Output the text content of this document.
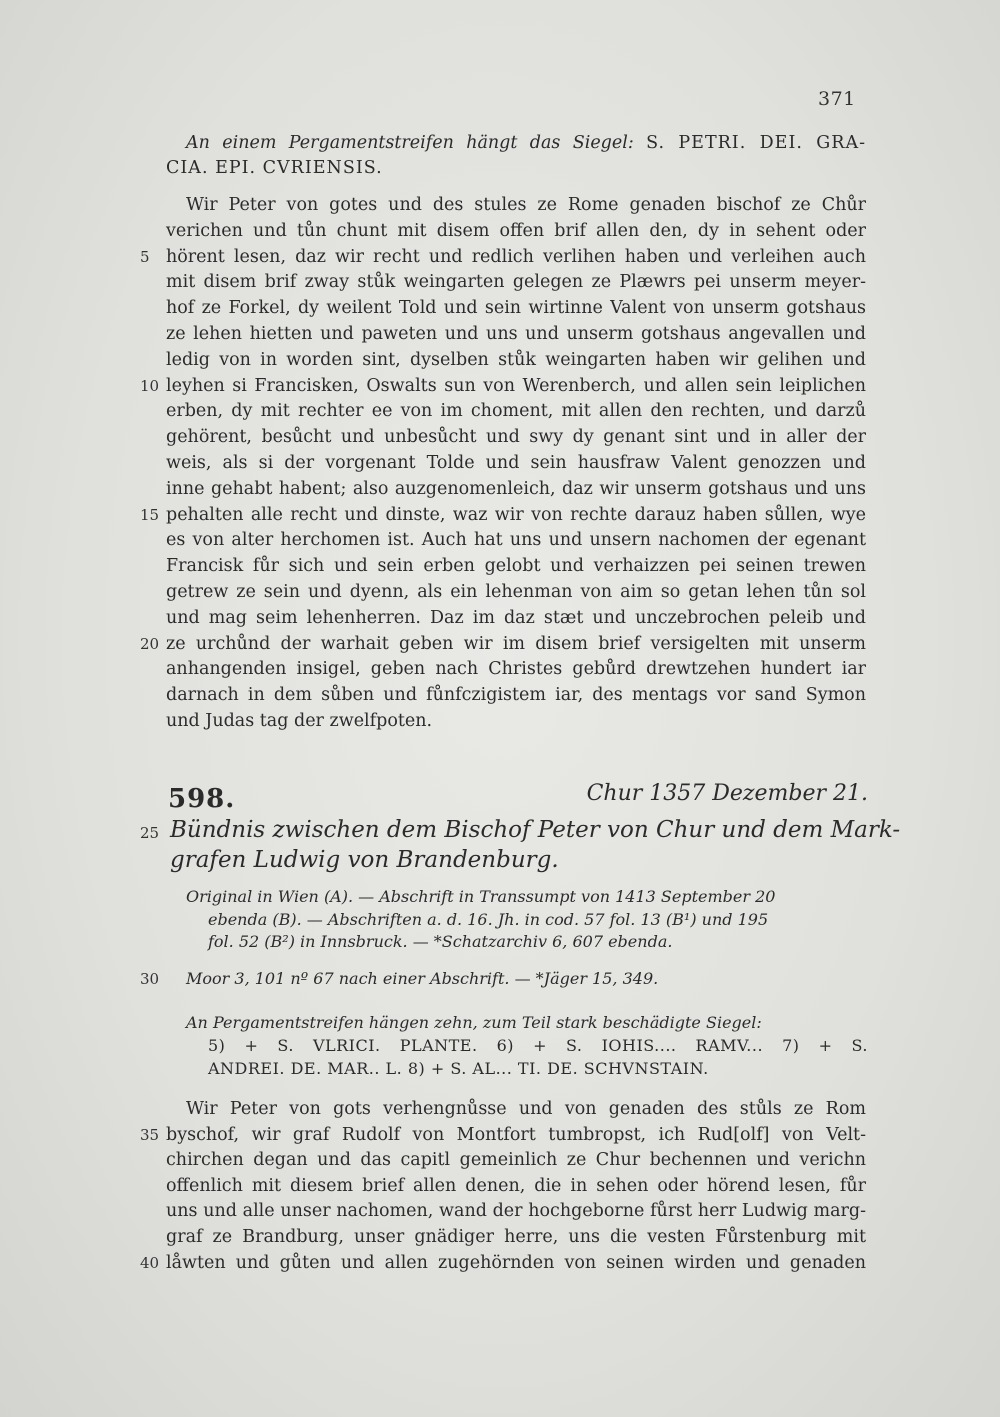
371
An einem Pergamentstreifen hängt das Siegel: S. PETRI. DEI. GRA-
CIA. EPI. CVRIENSIS.
Wir Peter von gotes und des stules ze Rome genaden bischof ze Chůr
verichen und tůn chunt mit disem offen brif allen den, dy in sehent oder
hörent lesen, daz wir recht und redlich verlihen haben und verleihen auch
5
mit disem brif zway stůk weingarten gelegen ze Plæwrs pei unserm meyer-
hof ze Forkel, dy weilent Told und sein wirtinne Valent von unserm gotshaus
ze lehen hietten und paweten und uns und unserm gotshaus angevallen und
ledig von in worden sint, dyselben stůk weingarten haben wir gelihen und
leyhen si Francisken, Oswalts sun von Werenberch, und allen sein leiplichen
10
erben, dy mit rechter ee von im choment, mit allen den rechten, und darzů
gehörent, besůcht und unbesůcht und swy dy genant sint und in aller der
weis, als si der vorgenant Tolde und sein hausfraw Valent genozzen und
inne gehabt habent; also auzgenomenleich, daz wir unserm gotshaus und uns
pehalten alle recht und dinste, waz wir von rechte darauz haben sůllen, wye
15
es von alter herchomen ist. Auch hat uns und unsern nachomen der egenant
Francisk fůr sich und sein erben gelobt und verhaizzen pei seinen trewen
getrew ze sein und dyenn, als ein lehenman von aim so getan lehen tůn sol
und mag seim lehenherren. Daz im daz stæt und unczebrochen peleib und
ze urchůnd der warhait geben wir im disem brief versigelten mit unserm
20
anhangenden insigel, geben nach Christes gebůrd drewtzehen hundert iar
darnach in dem sůben und fůnfczigistem iar, des mentags vor sand Symon
und Judas tag der zwelfpoten.
598.	Chur 1357 Dezember 21.
25 Bündnis zwischen dem Bischof Peter von Chur und dem Mark-
grafen Ludwig von Brandenburg.
Original in Wien (A). — Abschrift in Transsumpt von 1413 September 20
ebenda (B). — Abschriften a. d. 16. Jh. in cod. 57 fol. 13 (B¹) und 195
fol. 52 (B²) in Innsbruck. — *Schatzarchiv 6, 607 ebenda.
Moor 3, 101 nº 67 nach einer Abschrift. — *Jäger 15, 349.
30
An Pergamentstreifen hängen zehn, zum Teil stark beschädigte Siegel:
5) + S. VLRICI. PLANTE. 6) + S. IOHIS.... RAMV... 7) + S.
ANDREI. DE. MAR.. L. 8) + S. AL... TI. DE. SCHVNSTAIN.
Wir Peter von gots verhengnůsse und von genaden des stůls ze Rom
byschof, wir graf Rudolf von Montfort tumbropst, ich Rud[olf] von Velt-
35
chirchen degan und das capitl gemeinlich ze Chur bechennen und verichn
offenlich mit diesem brief allen denen, die in sehen oder hörend lesen, fůr
uns und alle unser nachomen, wand der hochgeborne fůrst herr Ludwig marg-
graf ze Brandburg, unser gnädiger herre, uns die vesten Fůrstenburg mit
låwten und gůten und allen zugehörnden von seinen wirden und genaden
40
